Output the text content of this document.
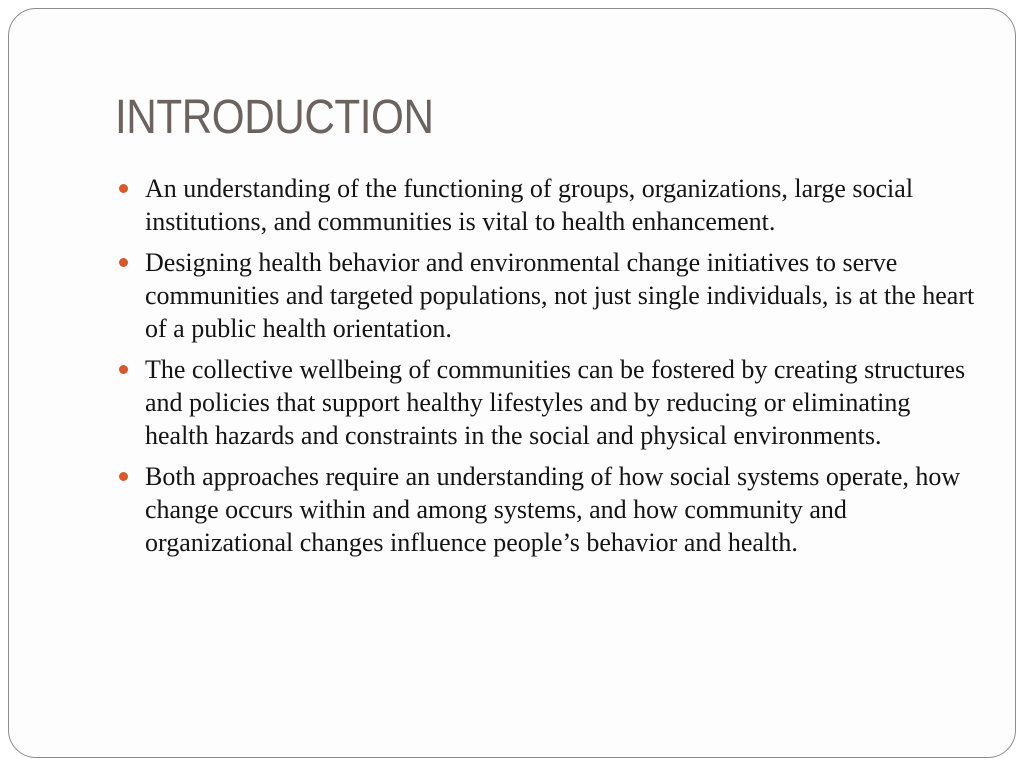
INTRODUCTION
An understanding of the functioning of groups, organizations, large social institutions, and communities is vital to health enhancement.
Designing health behavior and environmental change initiatives to serve communities and targeted populations, not just single individuals, is at the heart of a public health orientation.
The collective wellbeing of communities can be fostered by creating structures and policies that support healthy lifestyles and by reducing or eliminating health hazards and constraints in the social and physical environments.
Both approaches require an understanding of how social systems operate, how change occurs within and among systems, and how community and organizational changes influence people’s behavior and health.
